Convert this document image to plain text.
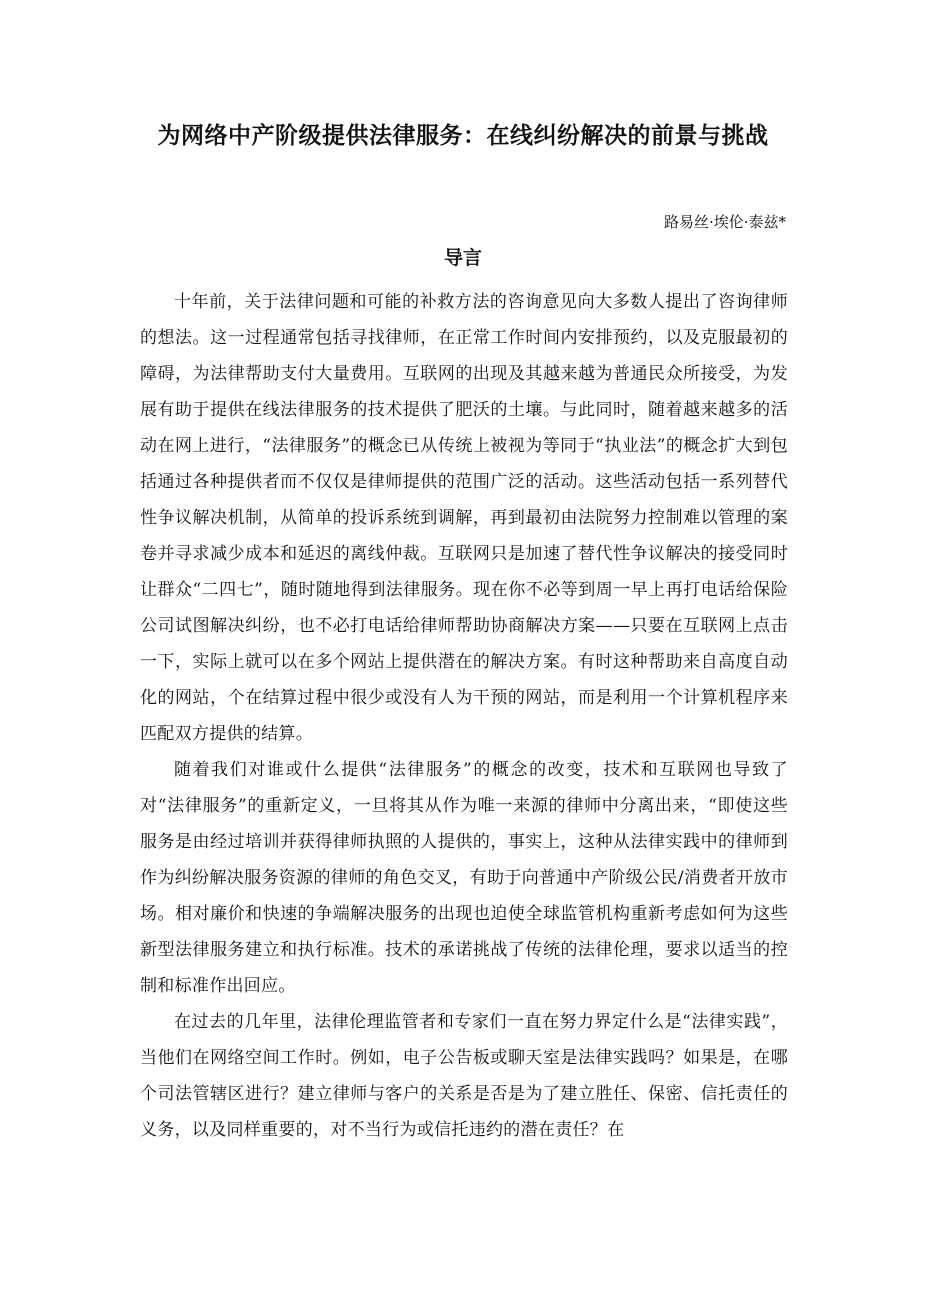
为网络中产阶级提供法律服务：在线纠纷解决的前景与挑战
路易丝·埃伦·泰兹*
导言

十年前，关于法律问题和可能的补救方法的咨询意见向大多数人提出了咨询律师的想法。这一过程通常包括寻找律师，在正常工作时间内安排预约，以及克服最初的障碍，为法律帮助支付大量费用。互联网的出现及其越来越为普通民众所接受，为发展有助于提供在线法律服务的技术提供了肥沃的土壤。与此同时，随着越来越多的活动在网上进行，“法律服务”的概念已从传统上被视为等同于“执业法”的概念扩大到包括通过各种提供者而不仅仅是律师提供的范围广泛的活动。这些活动包括一系列替代性争议解决机制，从简单的投诉系统到调解，再到最初由法院努力控制难以管理的案卷并寻求减少成本和延迟的离线仲裁。互联网只是加速了替代性争议解决的接受同时让群众“二四七”，随时随地得到法律服务。现在你不必等到周一早上再打电话给保险公司试图解决纠纷，也不必打电话给律师帮助协商解决方案——只要在互联网上点击一下，实际上就可以在多个网站上提供潜在的解决方案。有时这种帮助来自高度自动化的网站，个在结算过程中很少或没有人为干预的网站，而是利用一个计算机程序来匹配双方提供的结算。

随着我们对谁或什么提供“法律服务”的概念的改变，技术和互联网也导致了对“法律服务”的重新定义，一旦将其从作为唯一来源的律师中分离出来，“即使这些服务是由经过培训并获得律师执照的人提供的，事实上，这种从法律实践中的律师到作为纠纷解决服务资源的律师的角色交叉，有助于向普通中产阶级公民/消费者开放市场。相对廉价和快速的争端解决服务的出现也迫使全球监管机构重新考虑如何为这些新型法律服务建立和执行标准。技术的承诺挑战了传统的法律伦理，要求以适当的控制和标准作出回应。

在过去的几年里，法律伦理监管者和专家们一直在努力界定什么是“法律实践”，当他们在网络空间工作时。例如，电子公告板或聊天室是法律实践吗？如果是，在哪个司法管辖区进行？建立律师与客户的关系是否是为了建立胜任、保密、信托责任的义务，以及同样重要的，对不当行为或信托违约的潜在责任？在
